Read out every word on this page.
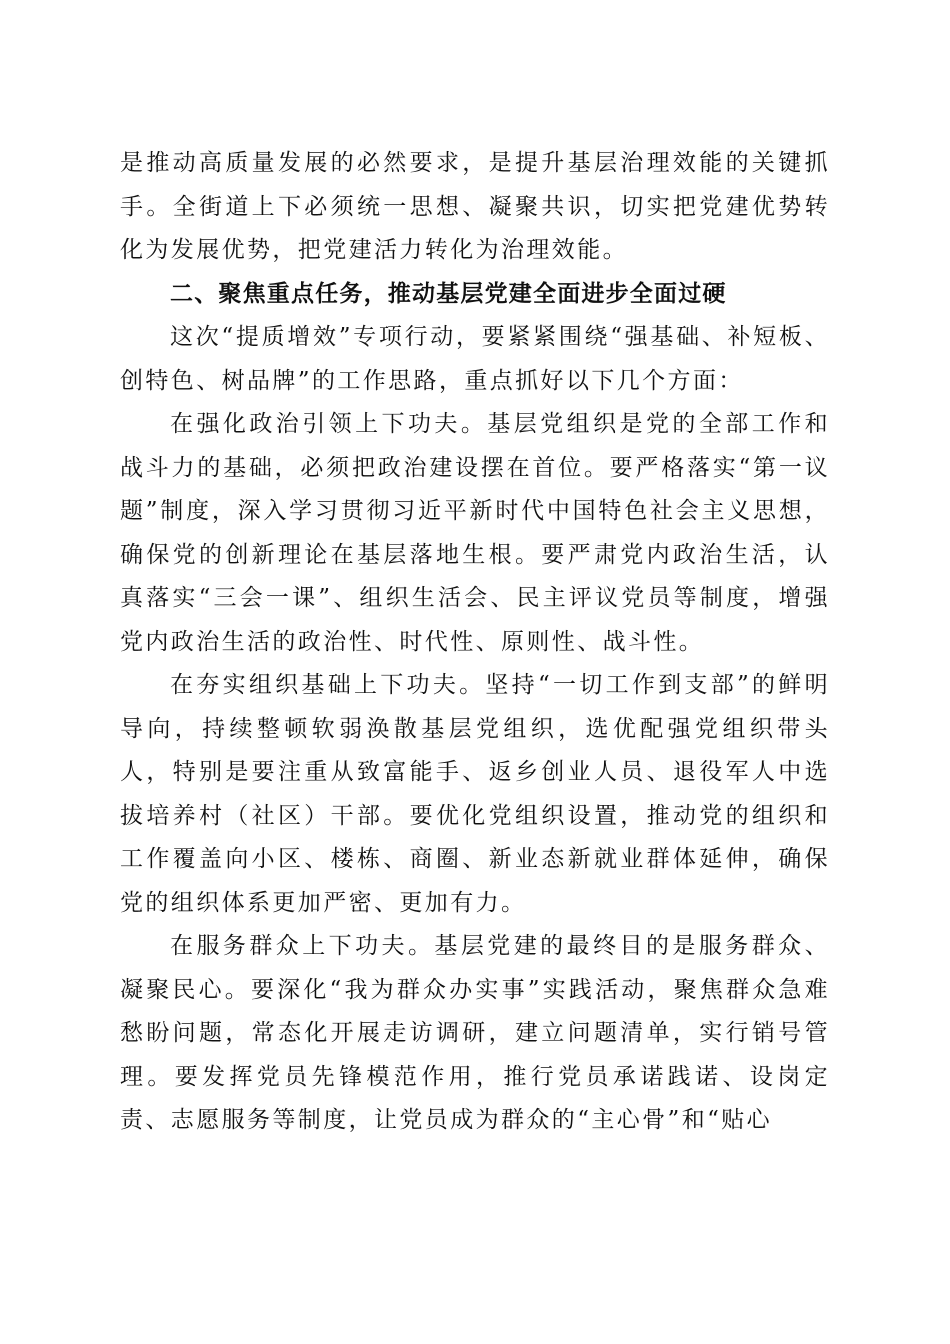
是推动高质量发展的必然要求，是提升基层治理效能的关键抓手。全街道上下必须统一思想、凝聚共识，切实把党建优势转化为发展优势，把党建活力转化为治理效能。

二、聚焦重点任务，推动基层党建全面进步全面过硬

这次“提质增效”专项行动，要紧紧围绕“强基础、补短板、创特色、树品牌”的工作思路，重点抓好以下几个方面：

在强化政治引领上下功夫。基层党组织是党的全部工作和战斗力的基础，必须把政治建设摆在首位。要严格落实“第一议题”制度，深入学习贯彻习近平新时代中国特色社会主义思想，确保党的创新理论在基层落地生根。要严肃党内政治生活，认真落实“三会一课”、组织生活会、民主评议党员等制度，增强党内政治生活的政治性、时代性、原则性、战斗性。

在夯实组织基础上下功夫。坚持“一切工作到支部”的鲜明导向，持续整顿软弱涣散基层党组织，选优配强党组织带头人，特别是要注重从致富能手、返乡创业人员、退役军人中选拔培养村（社区）干部。要优化党组织设置，推动党的组织和工作覆盖向小区、楼栋、商圈、新业态新就业群体延伸，确保党的组织体系更加严密、更加有力。

在服务群众上下功夫。基层党建的最终目的是服务群众、凝聚民心。要深化“我为群众办实事”实践活动，聚焦群众急难愁盼问题，常态化开展走访调研，建立问题清单，实行销号管理。要发挥党员先锋模范作用，推行党员承诺践诺、设岗定责、志愿服务等制度，让党员成为群众的“主心骨”和“贴心
